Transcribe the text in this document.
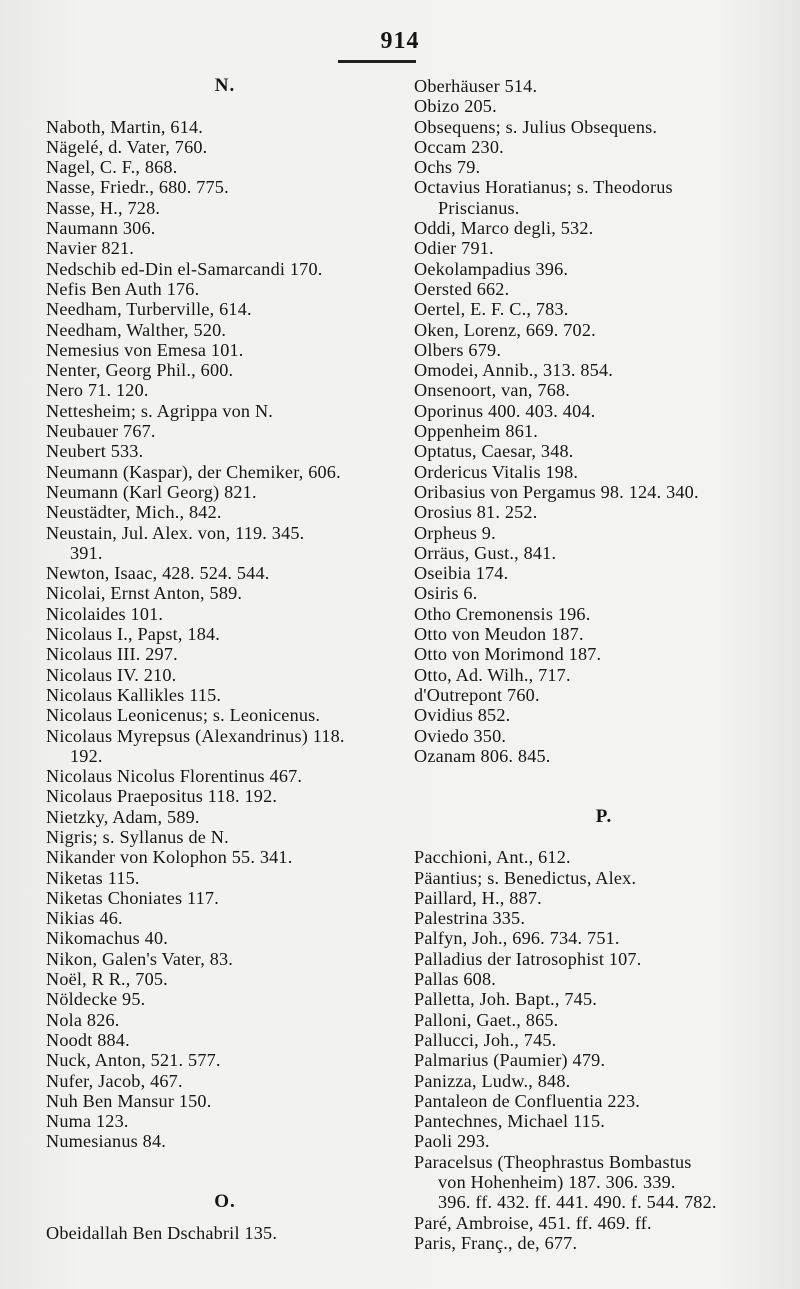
914
N.
Naboth, Martin, 614.
Nägelé, d. Vater, 760.
Nagel, C. F., 868.
Nasse, Friedr., 680. 775.
Nasse, H., 728.
Naumann 306.
Navier 821.
Nedschib ed-Din el-Samarcandi 170.
Nefis Ben Auth 176.
Needham, Turberville, 614.
Needham, Walther, 520.
Nemesius von Emesa 101.
Nenter, Georg Phil., 600.
Nero 71. 120.
Nettesheim; s. Agrippa von N.
Neubauer 767.
Neubert 533.
Neumann (Kaspar), der Chemiker, 606.
Neumann (Karl Georg) 821.
Neustädter, Mich., 842.
Neustain, Jul. Alex. von, 119. 345.
391.
Newton, Isaac, 428. 524. 544.
Nicolai, Ernst Anton, 589.
Nicolaides 101.
Nicolaus I., Papst, 184.
Nicolaus III. 297.
Nicolaus IV. 210.
Nicolaus Kallikles 115.
Nicolaus Leonicenus; s. Leonicenus.
Nicolaus Myrepsus (Alexandrinus) 118.
192.
Nicolaus Nicolus Florentinus 467.
Nicolaus Praepositus 118. 192.
Nietzky, Adam, 589.
Nigris; s. Syllanus de N.
Nikander von Kolophon 55. 341.
Niketas 115.
Niketas Choniates 117.
Nikias 46.
Nikomachus 40.
Nikon, Galen's Vater, 83.
Noël, R R., 705.
Nöldecke 95.
Nola 826.
Noodt 884.
Nuck, Anton, 521. 577.
Nufer, Jacob, 467.
Nuh Ben Mansur 150.
Numa 123.
Numesianus 84.
O.
Obeidallah Ben Dschabril 135.
Oberhäuser 514.
Obizo 205.
Obsequens; s. Julius Obsequens.
Occam 230.
Ochs 79.
Octavius Horatianus; s. Theodorus
Priscianus.
Oddi, Marco degli, 532.
Odier 791.
Oekolampadius 396.
Oersted 662.
Oertel, E. F. C., 783.
Oken, Lorenz, 669. 702.
Olbers 679.
Omodei, Annib., 313. 854.
Onsenoort, van, 768.
Oporinus 400. 403. 404.
Oppenheim 861.
Optatus, Caesar, 348.
Ordericus Vitalis 198.
Oribasius von Pergamus 98. 124. 340.
Orosius 81. 252.
Orpheus 9.
Orräus, Gust., 841.
Oseibia 174.
Osiris 6.
Otho Cremonensis 196.
Otto von Meudon 187.
Otto von Morimond 187.
Otto, Ad. Wilh., 717.
d'Outrepont 760.
Ovidius 852.
Oviedo 350.
Ozanam 806. 845.
P.
Pacchioni, Ant., 612.
Päantius; s. Benedictus, Alex.
Paillard, H., 887.
Palestrina 335.
Palfyn, Joh., 696. 734. 751.
Palladius der Iatrosophist 107.
Pallas 608.
Palletta, Joh. Bapt., 745.
Palloni, Gaet., 865.
Pallucci, Joh., 745.
Palmarius (Paumier) 479.
Panizza, Ludw., 848.
Pantaleon de Confluentia 223.
Pantechnes, Michael 115.
Paoli 293.
Paracelsus (Theophrastus Bombastus
von Hohenheim) 187. 306. 339.
396. ff. 432. ff. 441. 490. f. 544. 782.
Paré, Ambroise, 451. ff. 469. ff.
Paris, Franç., de, 677.
